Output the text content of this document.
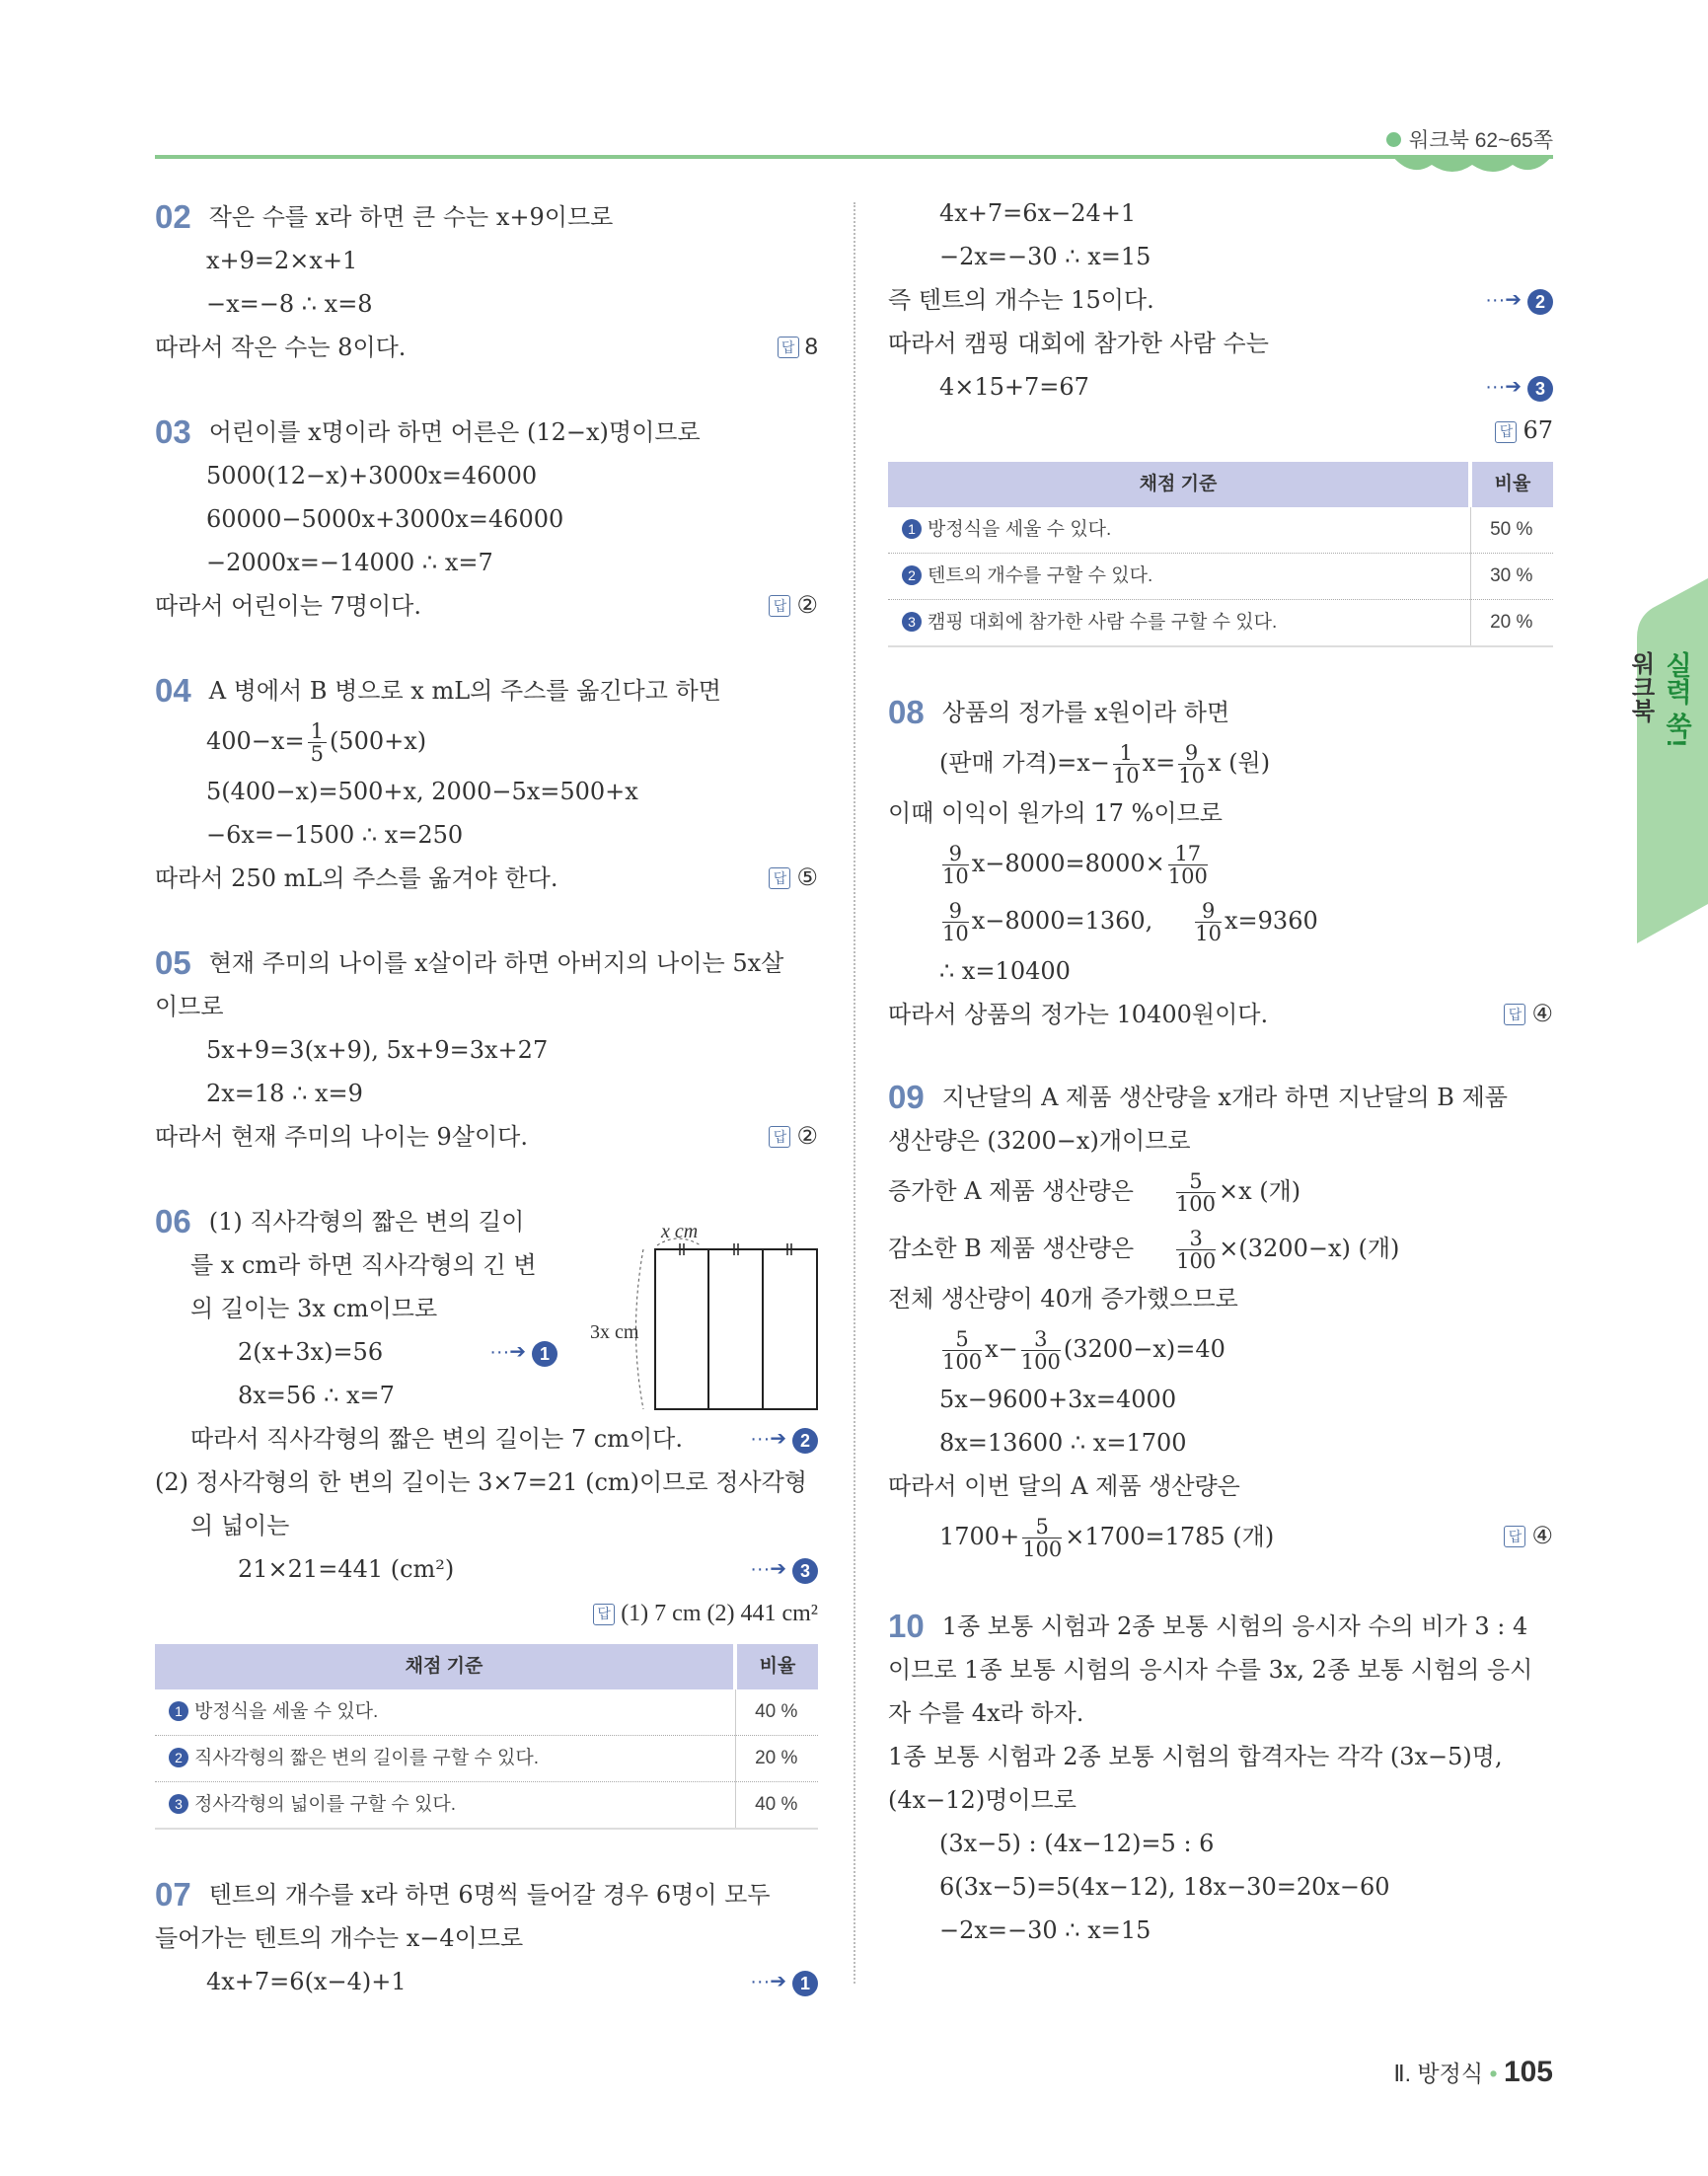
워크북 62~65쪽
실력 쑥!
워크북
02 작은 수를 x라 하면 큰 수는 x+9이므로
x+9=2×x+1
−x=−8 ∴ x=8
따라서 작은 수는 8이다.	답 8
03 어린이를 x명이라 하면 어른은 (12−x)명이므로
5000(12−x)+3000x=46000
60000−5000x+3000x=46000
−2000x=−14000 ∴ x=7
따라서 어린이는 7명이다.	답 ②
04 A 병에서 B 병으로 x mL의 주스를 옮긴다고 하면
$400-x= \frac{1}{5} (500+x)$
5(400−x)=500+x, 2000−5x=500+x
−6x=−1500 ∴ x=250
따라서 250 mL의 주스를 옮겨야 한다.	답 ⑤
05 현재 주미의 나이를 x살이라 하면 아버지의 나이는 5x살
이므로
5x+9=3(x+9), 5x+9=3x+27
2x=18 ∴ x=9
따라서 현재 주미의 나이는 9살이다.	답 ②
06 (1) 직사각형의 짧은 변의 길이
를 x cm라 하면 직사각형의 긴 변
의 길이는 3x cm이므로
2(x+3x)=56	···➔ 1
8x=56 ∴ x=7
따라서 직사각형의 짧은 변의 길이는 7 cm이다.	···➔ 2
(2) 정사각형의 한 변의 길이는 3×7=21 (cm)이므로 정사각형
의 넓이는
21×21=441 (cm²)	···➔ 3
답 (1) 7 cm (2) 441 cm²
채점 기준	비율
1 방정식을 세울 수 있다.	40 %
2 직사각형의 짧은 변의 길이를 구할 수 있다.	20 %
3 정사각형의 넓이를 구할 수 있다.	40 %
07 텐트의 개수를 x라 하면 6명씩 들어갈 경우 6명이 모두
들어가는 텐트의 개수는 x−4이므로
4x+7=6(x−4)+1	···➔ 1
x cm
3x cm
4x+7=6x−24+1
−2x=−30 ∴ x=15
즉 텐트의 개수는 15이다.	···➔ 2
따라서 캠핑 대회에 참가한 사람 수는
4×15+7=67	···➔ 3
답 67
채점 기준	비율
1 방정식을 세울 수 있다.	50 %
2 텐트의 개수를 구할 수 있다.	30 %
3 캠핑 대회에 참가한 사람 수를 구할 수 있다.	20 %
08 상품의 정가를 x원이라 하면
(판매 가격)$=x- \frac{1}{10} x= \frac{9}{10}$ x (원)
이때 이익이 원가의 17 %이므로
$\frac{9}{10} x-8000=8000\times \frac{17}{100}$
$\frac{9}{10} x-8000=1360$, $\frac{9}{10} x=9360$
∴ x=10400
따라서 상품의 정가는 10400원이다.	답 ④
09 지난달의 A 제품 생산량을 x개라 하면 지난달의 B 제품
생산량은 (3200−x)개이므로
증가한 A 제품 생산량은 $\frac{5}{100} \times x$ (개)
감소한 B 제품 생산량은 $\frac{3}{100} \times(3200-x)$ (개)
전체 생산량이 40개 증가했으므로
$\frac{5}{100} x- \frac{3}{100} (3200-x)=40$
5x−9600+3x=4000
8x=13600 ∴ x=1700
따라서 이번 달의 A 제품 생산량은
$1700+ \frac{5}{100} \times 1700=1785$ (개)	답 ④
10 1종 보통 시험과 2종 보통 시험의 응시자 수의 비가 3 : 4
이므로 1종 보통 시험의 응시자 수를 3x, 2종 보통 시험의 응시
자 수를 4x라 하자.
1종 보통 시험과 2종 보통 시험의 합격자는 각각 (3x−5)명,
(4x−12)명이므로
(3x−5) : (4x−12)=5 : 6
6(3x−5)=5(4x−12), 18x−30=20x−60
−2x=−30 ∴ x=15
Ⅱ. 방정식 • 105
